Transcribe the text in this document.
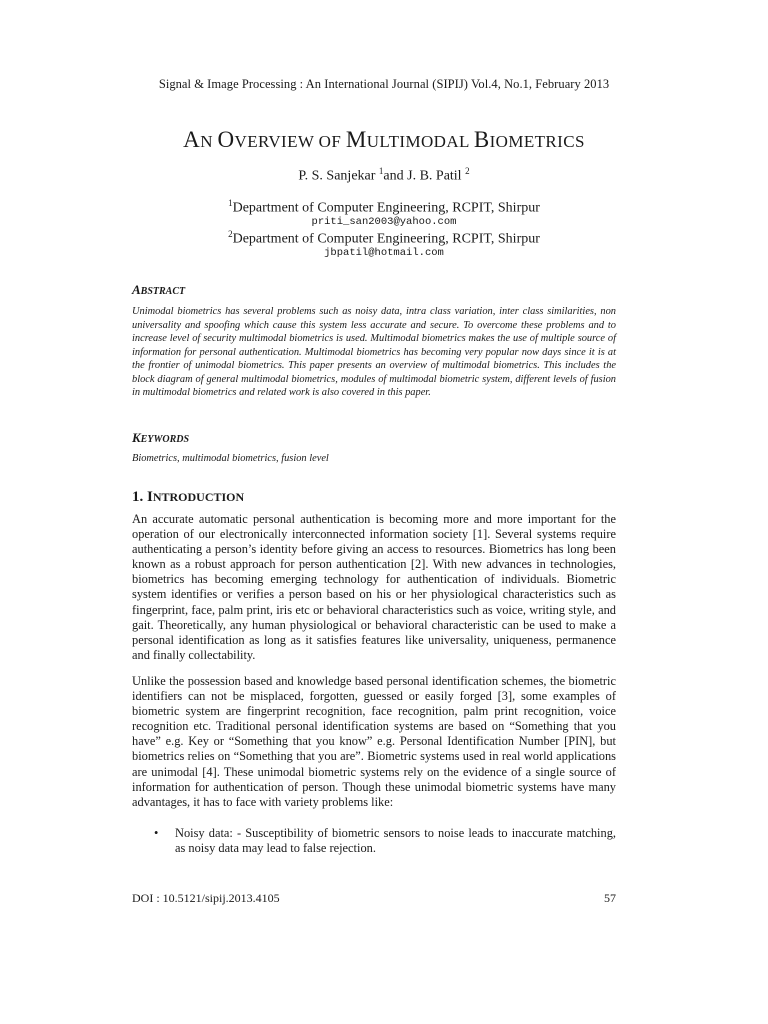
Signal & Image Processing : An International Journal (SIPIJ) Vol.4, No.1, February 2013
AN OVERVIEW OF MULTIMODAL BIOMETRICS
P. S. Sanjekar $^1$and J. B. Patil $^2$
$^1$Department of Computer Engineering, RCPIT, Shirpur
priti_san2003@yahoo.com
$^2$Department of Computer Engineering, RCPIT, Shirpur
jbpatil@hotmail.com
ABSTRACT
Unimodal biometrics has several problems such as noisy data, intra class variation, inter class similarities, non universality and spoofing which cause this system less accurate and secure. To overcome these problems and to increase level of security multimodal biometrics is used. Multimodal biometrics makes the use of multiple source of information for personal authentication. Multimodal biometrics has becoming very popular now days since it is at the frontier of unimodal biometrics. This paper presents an overview of multimodal biometrics. This includes the block diagram of general multimodal biometrics, modules of multimodal biometric system, different levels of fusion in multimodal biometrics and related work is also covered in this paper.
KEYWORDS
Biometrics, multimodal biometrics, fusion level
1. INTRODUCTION
An accurate automatic personal authentication is becoming more and more important for the operation of our electronically interconnected information society [1]. Several systems require authenticating a person’s identity before giving an access to resources. Biometrics has long been known as a robust approach for person authentication [2]. With new advances in technologies, biometrics has becoming emerging technology for authentication of individuals. Biometric system identifies or verifies a person based on his or her physiological characteristics such as fingerprint, face, palm print, iris etc or behavioral characteristics such as voice, writing style, and gait. Theoretically, any human physiological or behavioral characteristic can be used to make a personal identification as long as it satisfies features like universality, uniqueness, permanence and finally collectability.
Unlike the possession based and knowledge based personal identification schemes, the biometric identifiers can not be misplaced, forgotten, guessed or easily forged [3], some examples of biometric system are fingerprint recognition, face recognition, palm print recognition, voice recognition etc. Traditional personal identification systems are based on “Something that you have” e.g. Key or “Something that you know” e.g. Personal Identification Number [PIN], but biometrics relies on “Something that you are”. Biometric systems used in real world applications are unimodal [4]. These unimodal biometric systems rely on the evidence of a single source of information for authentication of person. Though these unimodal biometric systems have many advantages, it has to face with variety problems like:
• Noisy data: - Susceptibility of biometric sensors to noise leads to inaccurate matching, as noisy data may lead to false rejection.
DOI : 10.5121/sipij.2013.4105	57
